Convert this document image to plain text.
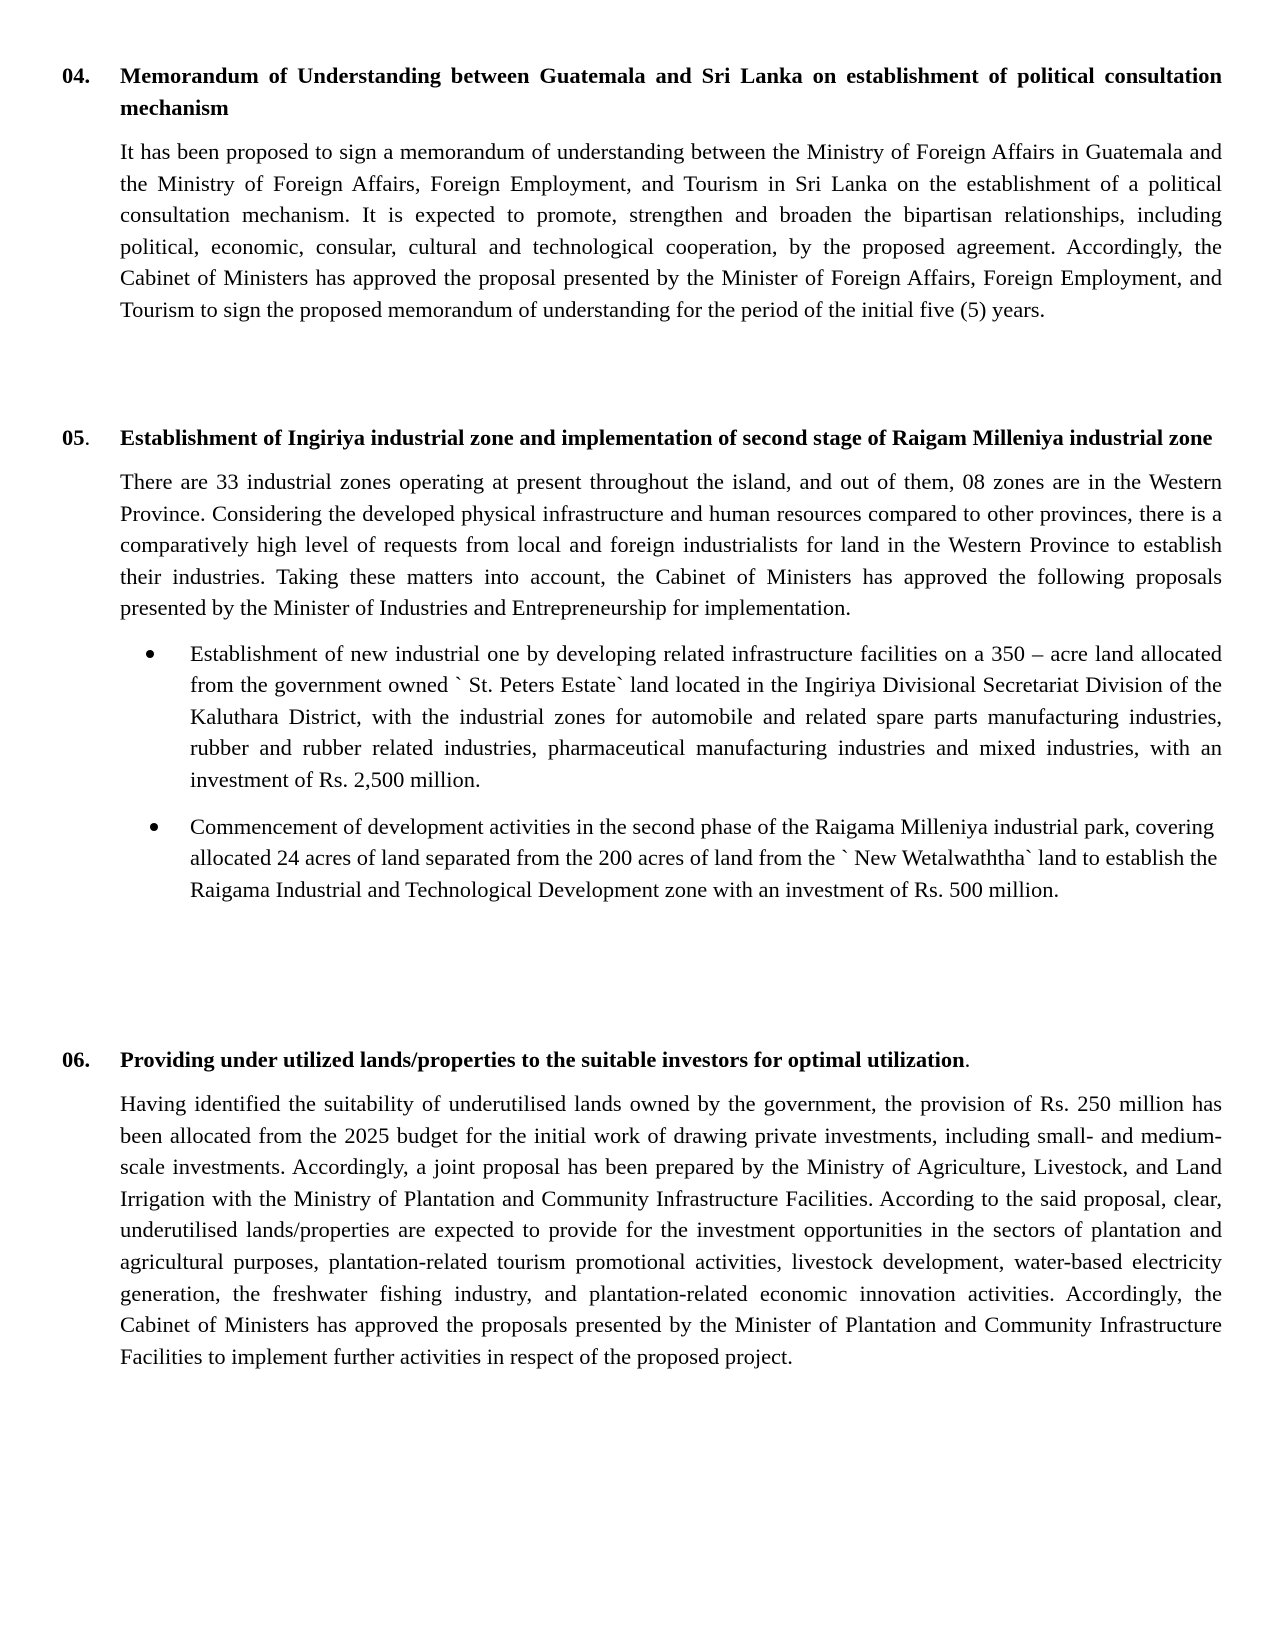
04.	Memorandum of Understanding between Guatemala and Sri Lanka on establishment of political consultation mechanism
It has been proposed to sign a memorandum of understanding between the Ministry of Foreign Affairs in Guatemala and the Ministry of Foreign Affairs, Foreign Employment, and Tourism in Sri Lanka on the establishment of a political consultation mechanism. It is expected to promote, strengthen and broaden the bipartisan relationships, including political, economic, consular, cultural and technological cooperation, by the proposed agreement. Accordingly, the Cabinet of Ministers has approved the proposal presented by the Minister of Foreign Affairs, Foreign Employment, and Tourism to sign the proposed memorandum of understanding for the period of the initial five (5) years.
05.	Establishment of Ingiriya industrial zone and implementation of second stage of Raigam Milleniya industrial zone
There are 33 industrial zones operating at present throughout the island, and out of them, 08 zones are in the Western Province. Considering the developed physical infrastructure and human resources compared to other provinces, there is a comparatively high level of requests from local and foreign industrialists for land in the Western Province to establish their industries. Taking these matters into account, the Cabinet of Ministers has approved the following proposals presented by the Minister of Industries and Entrepreneurship for implementation.
Establishment of new industrial one by developing related infrastructure facilities on a 350 – acre land allocated from the government owned ` St. Peters Estate` land located in the Ingiriya Divisional Secretariat Division of the Kaluthara District, with the industrial zones for automobile and related spare parts manufacturing industries, rubber and rubber related industries, pharmaceutical manufacturing industries and mixed industries, with an investment of Rs. 2,500 million.
Commencement of development activities in the second phase of the Raigama Milleniya industrial park, covering allocated 24 acres of land separated from the 200 acres of land from the ` New Wetalwaththa` land to establish the Raigama Industrial and Technological Development zone with an investment of Rs. 500 million.
06.	Providing under utilized lands/properties to the suitable investors for optimal utilization.
Having identified the suitability of underutilised lands owned by the government, the provision of Rs. 250 million has been allocated from the 2025 budget for the initial work of drawing private investments, including small- and medium-scale investments. Accordingly, a joint proposal has been prepared by the Ministry of Agriculture, Livestock, and Land Irrigation with the Ministry of Plantation and Community Infrastructure Facilities. According to the said proposal, clear, underutilised lands/properties are expected to provide for the investment opportunities in the sectors of plantation and agricultural purposes, plantation-related tourism promotional activities, livestock development, water-based electricity generation, the freshwater fishing industry, and plantation-related economic innovation activities. Accordingly, the Cabinet of Ministers has approved the proposals presented by the Minister of Plantation and Community Infrastructure Facilities to implement further activities in respect of the proposed project.
